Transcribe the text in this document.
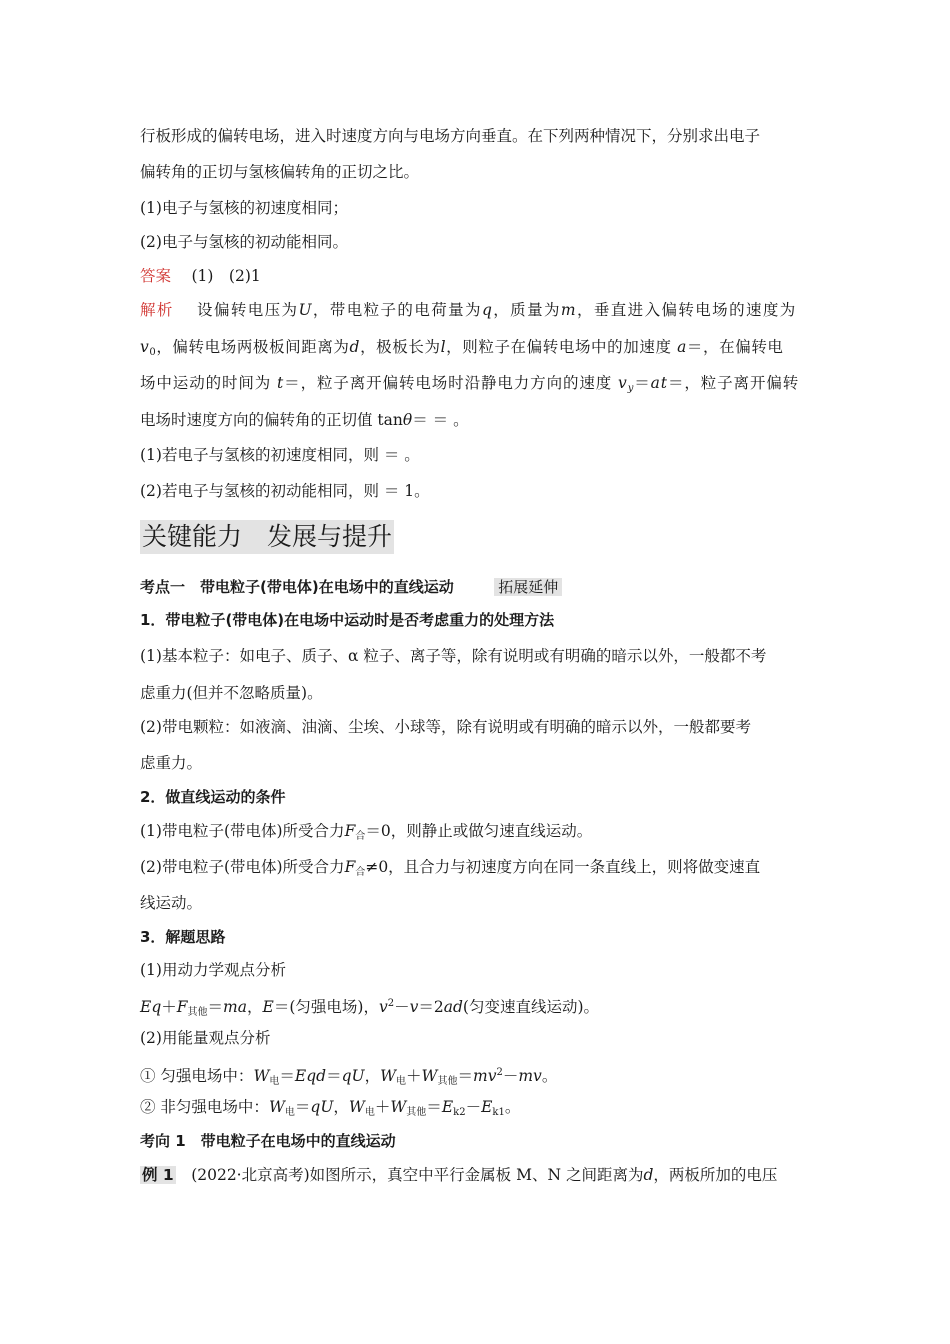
行板形成的偏转电场，进入时速度方向与电场方向垂直。在下列两种情况下，分别求出电子
偏转角的正切与氢核偏转角的正切之比。
(1)电子与氢核的初速度相同；
(2)电子与氢核的初动能相同。
答案　 (1)　(2)1
解析　 设偏转电压为U，带电粒子的电荷量为q，质量为m，垂直进入偏转电场的速度为
$v_0$，偏转电场两极板间距离为d，极板长为l，则粒子在偏转电场中的加速度 a＝，在偏转电
场中运动的时间为 t＝，粒子离开偏转电场时沿静电力方向的速度 $v_y=at=$，粒子离开偏转
电场时速度方向的偏转角的正切值 tanθ＝ ＝ 。
(1)若电子与氢核的初速度相同，则 ＝ 。
(2)若电子与氢核的初动能相同，则 ＝ 1。
关键能力　发展与提升
考点一　带电粒子(带电体)在电场中的直线运动	拓展延伸
1．带电粒子(带电体)在电场中运动时是否考虑重力的处理方法
(1)基本粒子：如电子、质子、α 粒子、离子等，除有说明或有明确的暗示以外，一般都不考
虑重力(但并不忽略质量)。
(2)带电颗粒：如液滴、油滴、尘埃、小球等，除有说明或有明确的暗示以外，一般都要考
虑重力。
2．做直线运动的条件
(1)带电粒子(带电体)所受合力$F_合=0$，则静止或做匀速直线运动。
(2)带电粒子(带电体)所受合力$F_合\ne 0$，且合力与初速度方向在同一条直线上，则将做变速直
线运动。
3．解题思路
(1)用动力学观点分析
$Eq+F_{其他}=ma$，E＝(匀强电场)，$v^2-v=2ad$(匀变速直线运动)。
(2)用能量观点分析
① 匀强电场中：$W_电=Eqd=qU$，$W_电+W_{其他}=mv^2-mv$。
② 非匀强电场中：$W_电=qU$，$W_电+W_{其他}=E_{k2}-E_{k1}$。
考向 1　带电粒子在电场中的直线运动
例 1　(2022·北京高考)如图所示，真空中平行金属板 M、N 之间距离为d，两板所加的电压
